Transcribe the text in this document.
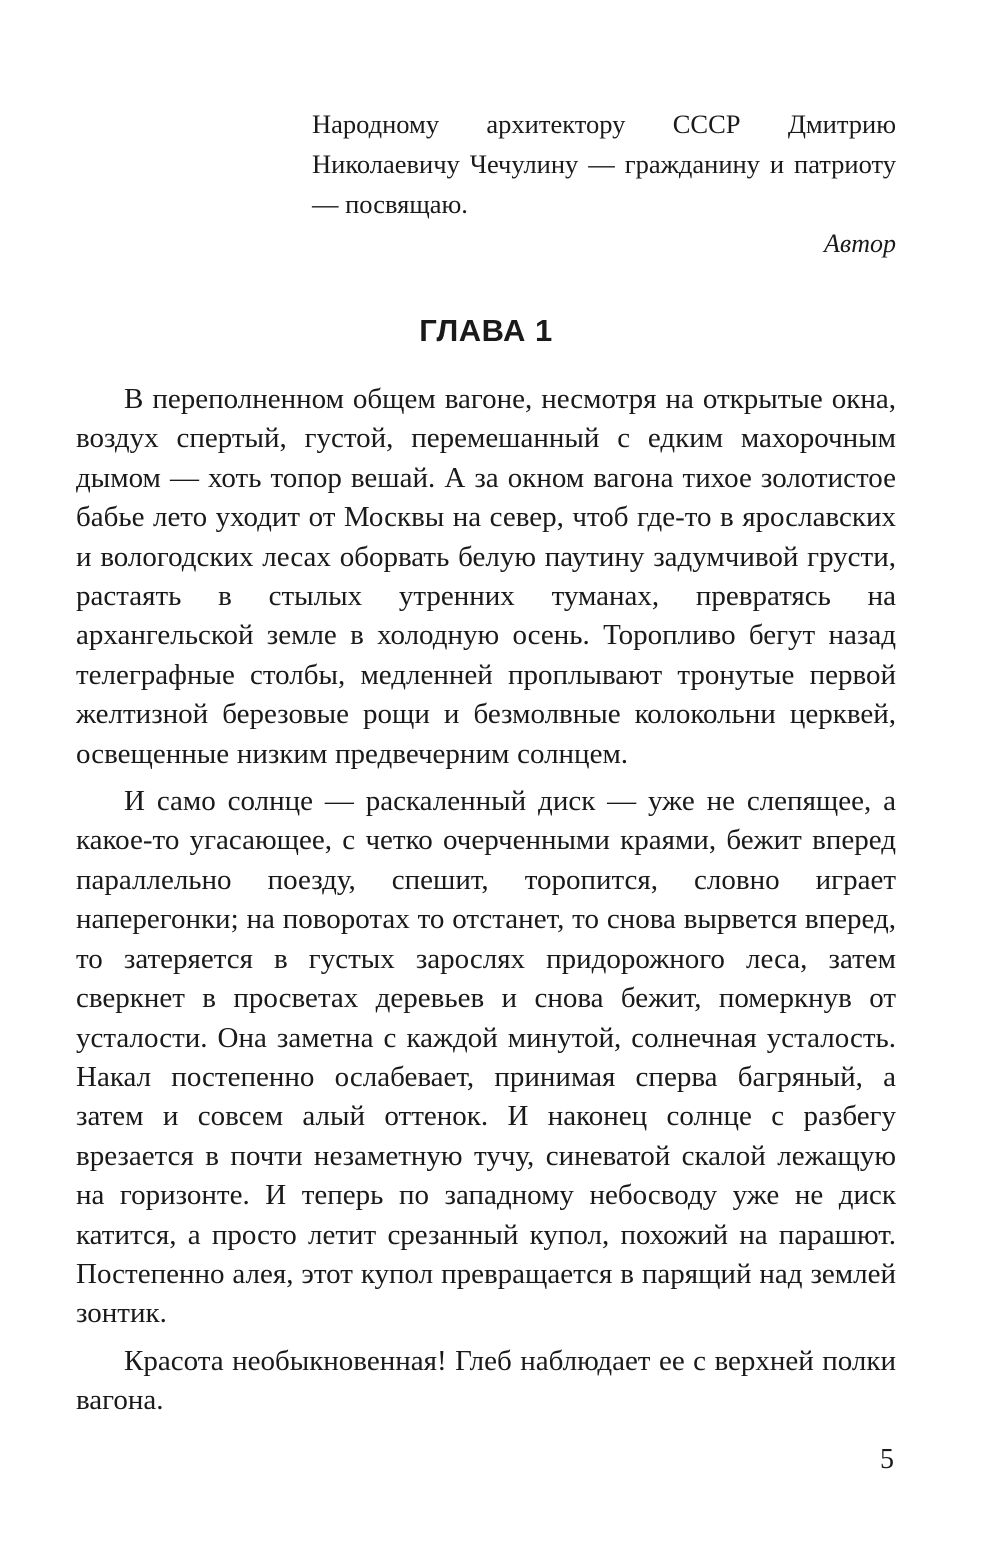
Народному архитектору СССР Дмитрию Николаевичу Чечулину — гражданину и патриоту — посвящаю.

Автор
ГЛАВА 1

В переполненном общем вагоне, несмотря на открытые окна, воздух спертый, густой, перемешанный с едким махорочным дымом — хоть топор вешай. А за окном вагона тихое золотистое бабье лето уходит от Москвы на север, чтоб где-то в ярославских и вологодских лесах оборвать белую паутину задумчивой грусти, растаять в стылых утренних туманах, превратясь на архангельской земле в холодную осень. Торопливо бегут назад телеграфные столбы, медленней проплывают тронутые первой желтизной березовые рощи и безмолвные колокольни церквей, освещенные низким предвечерним солнцем.

И само солнце — раскаленный диск — уже не слепящее, а какое-то угасающее, с четко очерченными краями, бежит вперед параллельно поезду, спешит, торопится, словно играет наперегонки; на поворотах то отстанет, то снова вырвется вперед, то затеряется в густых зарослях придорожного леса, затем сверкнет в просветах деревьев и снова бежит, померкнув от усталости. Она заметна с каждой минутой, солнечная усталость. Накал постепенно ослабевает, принимая сперва багряный, а затем и совсем алый оттенок. И наконец солнце с разбегу врезается в почти незаметную тучу, синеватой скалой лежащую на горизонте. И теперь по западному небосводу уже не диск катится, а просто летит срезанный купол, похожий на парашют. Постепенно алея, этот купол превращается в парящий над землей зонтик.

Красота необыкновенная! Глеб наблюдает ее с верхней полки вагона.

5
